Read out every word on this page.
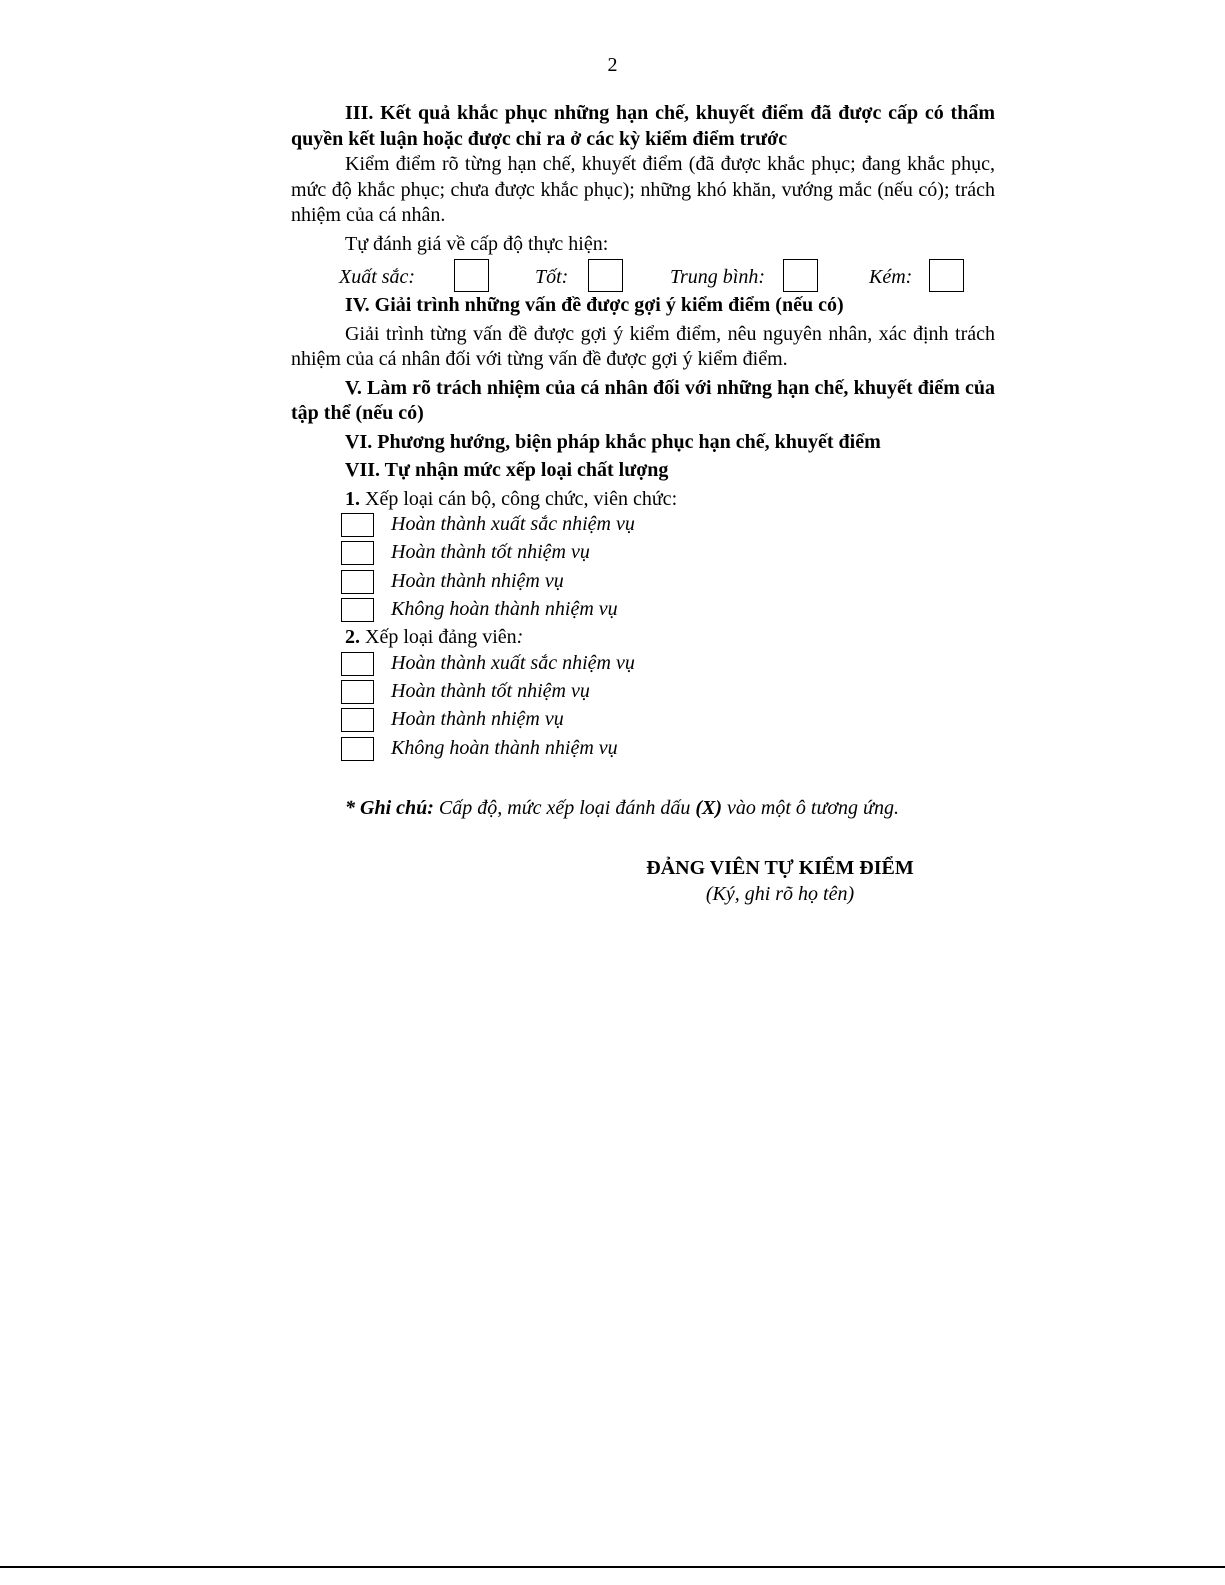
2

III. Kết quả khắc phục những hạn chế, khuyết điểm đã được cấp có thẩm quyền kết luận hoặc được chỉ ra ở các kỳ kiểm điểm trước

Kiểm điểm rõ từng hạn chế, khuyết điểm (đã được khắc phục; đang khắc phục, mức độ khắc phục; chưa được khắc phục); những khó khăn, vướng mắc (nếu có); trách nhiệm của cá nhân.

Tự đánh giá về cấp độ thực hiện:

Xuất sắc:	Tốt:	Trung bình:	Kém:

IV. Giải trình những vấn đề được gợi ý kiểm điểm (nếu có)

Giải trình từng vấn đề được gợi ý kiểm điểm, nêu nguyên nhân, xác định trách nhiệm của cá nhân đối với từng vấn đề được gợi ý kiểm điểm.

V. Làm rõ trách nhiệm của cá nhân đối với những hạn chế, khuyết điểm của tập thể (nếu có)

VI. Phương hướng, biện pháp khắc phục hạn chế, khuyết điểm

VII. Tự nhận mức xếp loại chất lượng

1. Xếp loại cán bộ, công chức, viên chức:

Hoàn thành xuất sắc nhiệm vụ
Hoàn thành tốt nhiệm vụ
Hoàn thành nhiệm vụ
Không hoàn thành nhiệm vụ

2. Xếp loại đảng viên:

Hoàn thành xuất sắc nhiệm vụ
Hoàn thành tốt nhiệm vụ
Hoàn thành nhiệm vụ
Không hoàn thành nhiệm vụ

* Ghi chú: Cấp độ, mức xếp loại đánh dấu (X) vào một ô tương ứng.

ĐẢNG VIÊN TỰ KIỂM ĐIỂM
(Ký, ghi rõ họ tên)
